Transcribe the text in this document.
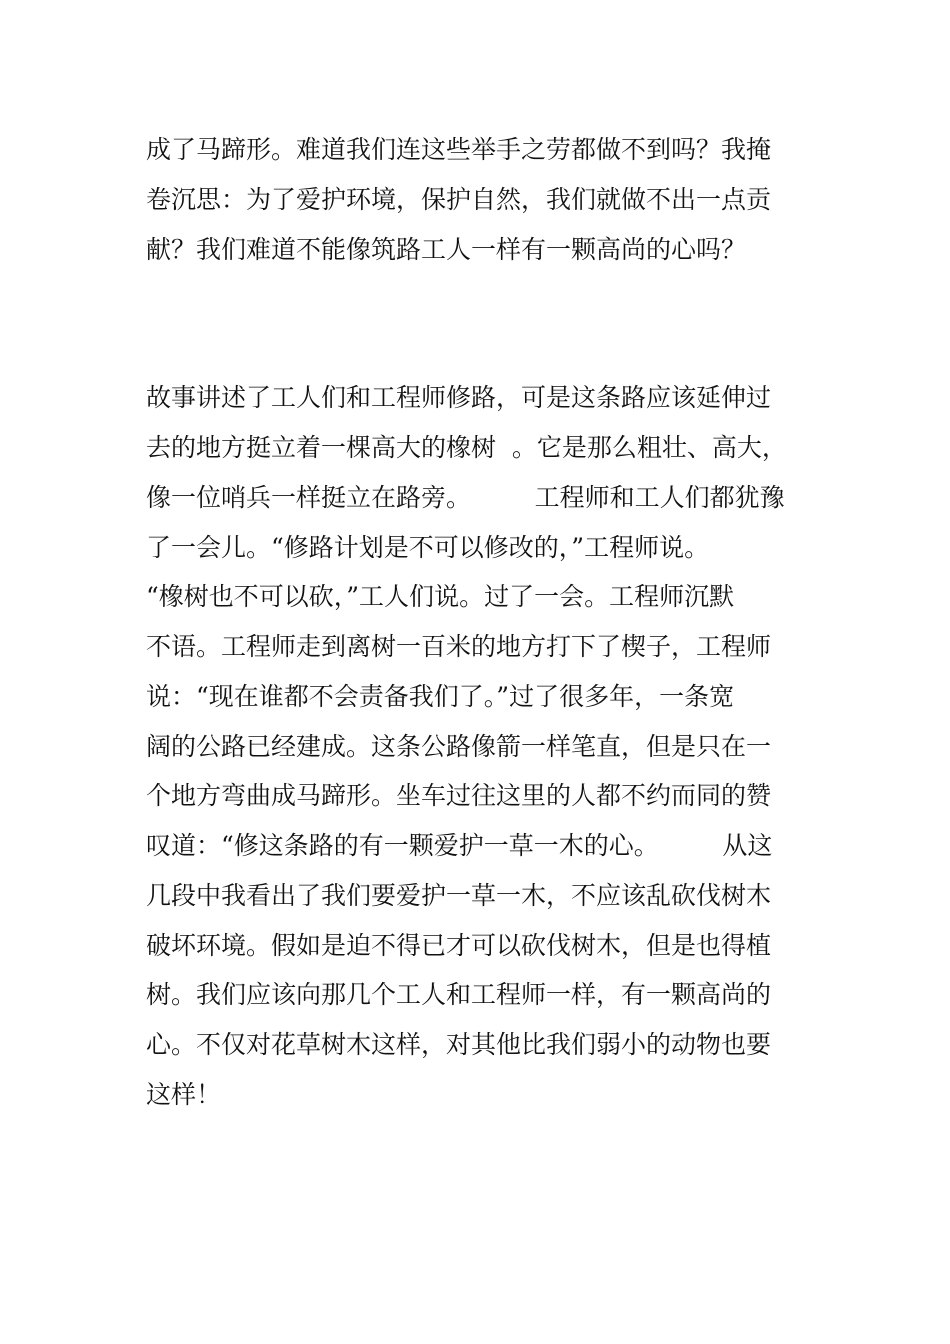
成了马蹄形。难道我们连这些举手之劳都做不到吗？我掩
卷沉思：为了爱护环境，保护自然，我们就做不出一点贡
献？我们难道不能像筑路工人一样有一颗高尚的心吗？
故事讲述了工人们和工程师修路，可是这条路应该延伸过
去的地方挺立着一棵高大的橡树  。它是那么粗壮、高大，
像一位哨兵一样挺立在路旁。        工程师和工人们都犹豫
了一会儿。“修路计划是不可以修改的，”工程师说。
“橡树也不可以砍，”工人们说。过了一会。工程师沉默
不语。工程师走到离树一百米的地方打下了楔子，工程师
说：“现在谁都不会责备我们了。”过了很多年，一条宽
阔的公路已经建成。这条公路像箭一样笔直，但是只在一
个地方弯曲成马蹄形。坐车过往这里的人都不约而同的赞
叹道：“修这条路的有一颗爱护一草一木的心。        从这
几段中我看出了我们要爱护一草一木，不应该乱砍伐树木
破坏环境。假如是迫不得已才可以砍伐树木，但是也得植
树。我们应该向那几个工人和工程师一样，有一颗高尚的
心。不仅对花草树木这样，对其他比我们弱小的动物也要
这样！
